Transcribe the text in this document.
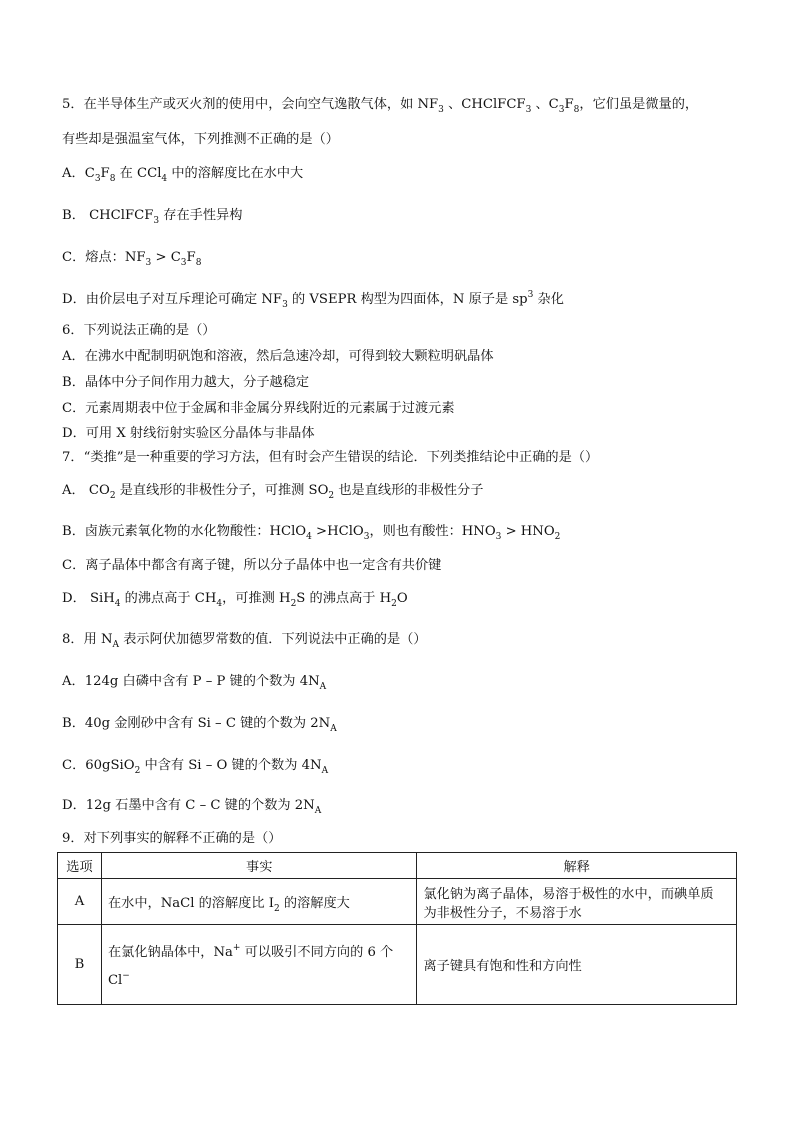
5．在半导体生产或灭火剂的使用中，会向空气逸散气体，如 $NF_3$ 、CHClFCF$_3$ 、$C_3F_8$，它们虽是微量的，
有些却是强温室气体，下列推测不正确的是（）
A．$C_3F_8$ 在 CCl$_4$ 中的溶解度比在水中大
B． CHClFCF$_3$ 存在手性异构
C．熔点：$NF_3 > C_3F_8$
D．由价层电子对互斥理论可确定 $NF_3$ 的 VSEPR 构型为四面体，N 原子是 $sp^3$ 杂化
6．下列说法正确的是（）
A．在沸水中配制明矾饱和溶液，然后急速冷却，可得到较大颗粒明矾晶体
B．晶体中分子间作用力越大，分子越稳定
C．元素周期表中位于金属和非金属分界线附近的元素属于过渡元素
D．可用 X 射线衍射实验区分晶体与非晶体
7．“类推”是一种重要的学习方法，但有时会产生错误的结论．下列类推结论中正确的是（）
A． $CO_2$ 是直线形的非极性分子，可推测 $SO_2$ 也是直线形的非极性分子
B．卤族元素氧化物的水化物酸性：HClO$_4$ >HClO$_3$，则也有酸性：$HNO_3 > HNO_2$
C．离子晶体中都含有离子键，所以分子晶体中也一定含有共价键
D． SiH$_4$ 的沸点高于 $CH_4$，可推测 $H_2S$ 的沸点高于 $H_2O$
8．用 $N_A$ 表示阿伏加德罗常数的值．下列说法中正确的是（）
A．124g 白磷中含有 P – P 键的个数为 $4N_A$
B．40g 金刚砂中含有 Si – C 键的个数为 $2N_A$
C．60gSiO$_2$ 中含有 Si – O 键的个数为 $4N_A$
D．12g 石墨中含有 C – C 键的个数为 $2N_A$
9．对下列事实的解释不正确的是（）
选项	事实	解释
A	在水中，NaCl 的溶解度比 $I_2$ 的溶解度大	氯化钠为离子晶体，易溶于极性的水中，而碘单质
为非极性分子，不易溶于水
B	在氯化钠晶体中，Na+ 可以吸引不同方向的 6 个
Cl−	离子键具有饱和性和方向性
